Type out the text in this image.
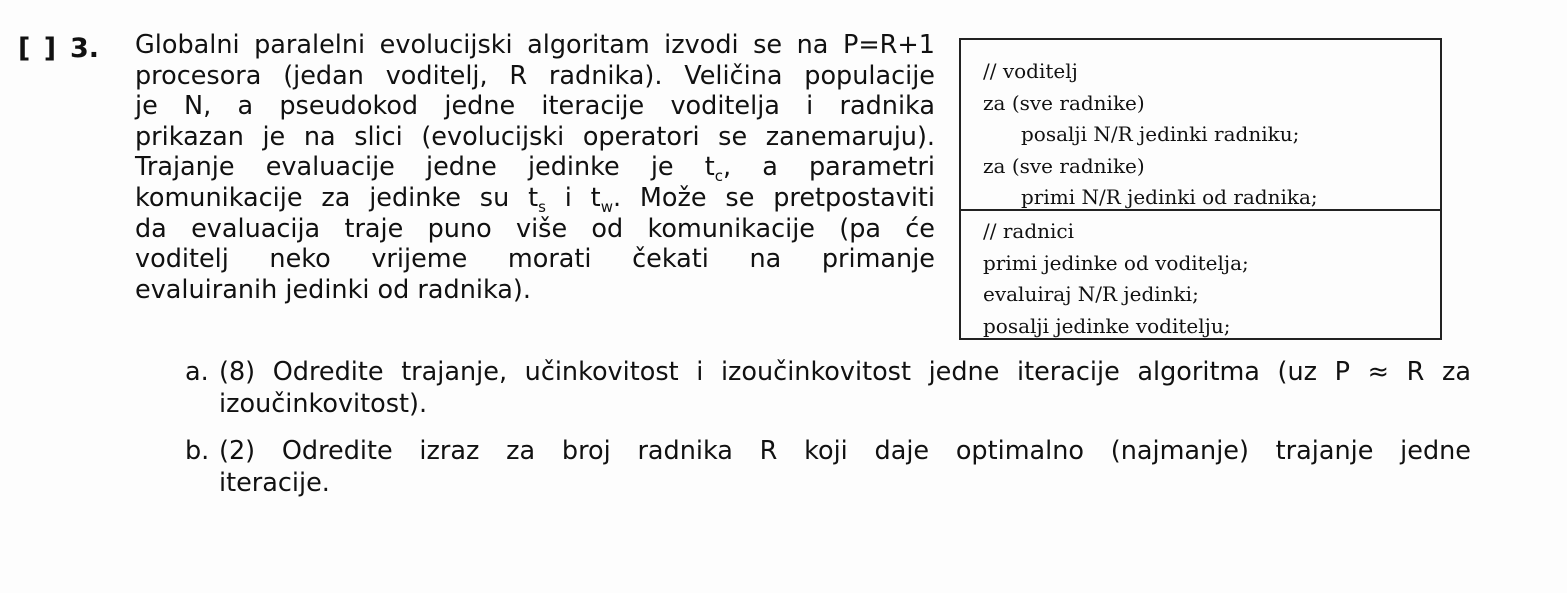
[ ] 3. Globalni paralelni evolucijski algoritam izvodi se na P=R+1
procesora (jedan voditelj, R radnika). Veličina populacije
je N, a pseudokod jedne iteracije voditelja i radnika
prikazan je na slici (evolucijski operatori se zanemaruju).
Trajanje evaluacije jedne jedinke je $t_c$, a parametri
komunikacije za jedinke su $t_s$ i $t_w$. Može se pretpostaviti
da evaluacija traje puno više od komunikacije (pa će
voditelj neko vrijeme morati čekati na primanje
evaluiranih jedinki od radnika).
// voditelj
za (sve radnike)
posalji N/R jedinki radniku;
za (sve radnike)
primi N/R jedinki od radnika;
// radnici
primi jedinke od voditelja;
evaluiraj N/R jedinki;
posalji jedinke voditelju;
a. (8) Odredite trajanje, učinkovitost i izoučinkovitost jedne iteracije algoritma (uz P ≈ R za
izoučinkovitost).
b. (2) Odredite izraz za broj radnika R koji daje optimalno (najmanje) trajanje jedne
iteracije.
